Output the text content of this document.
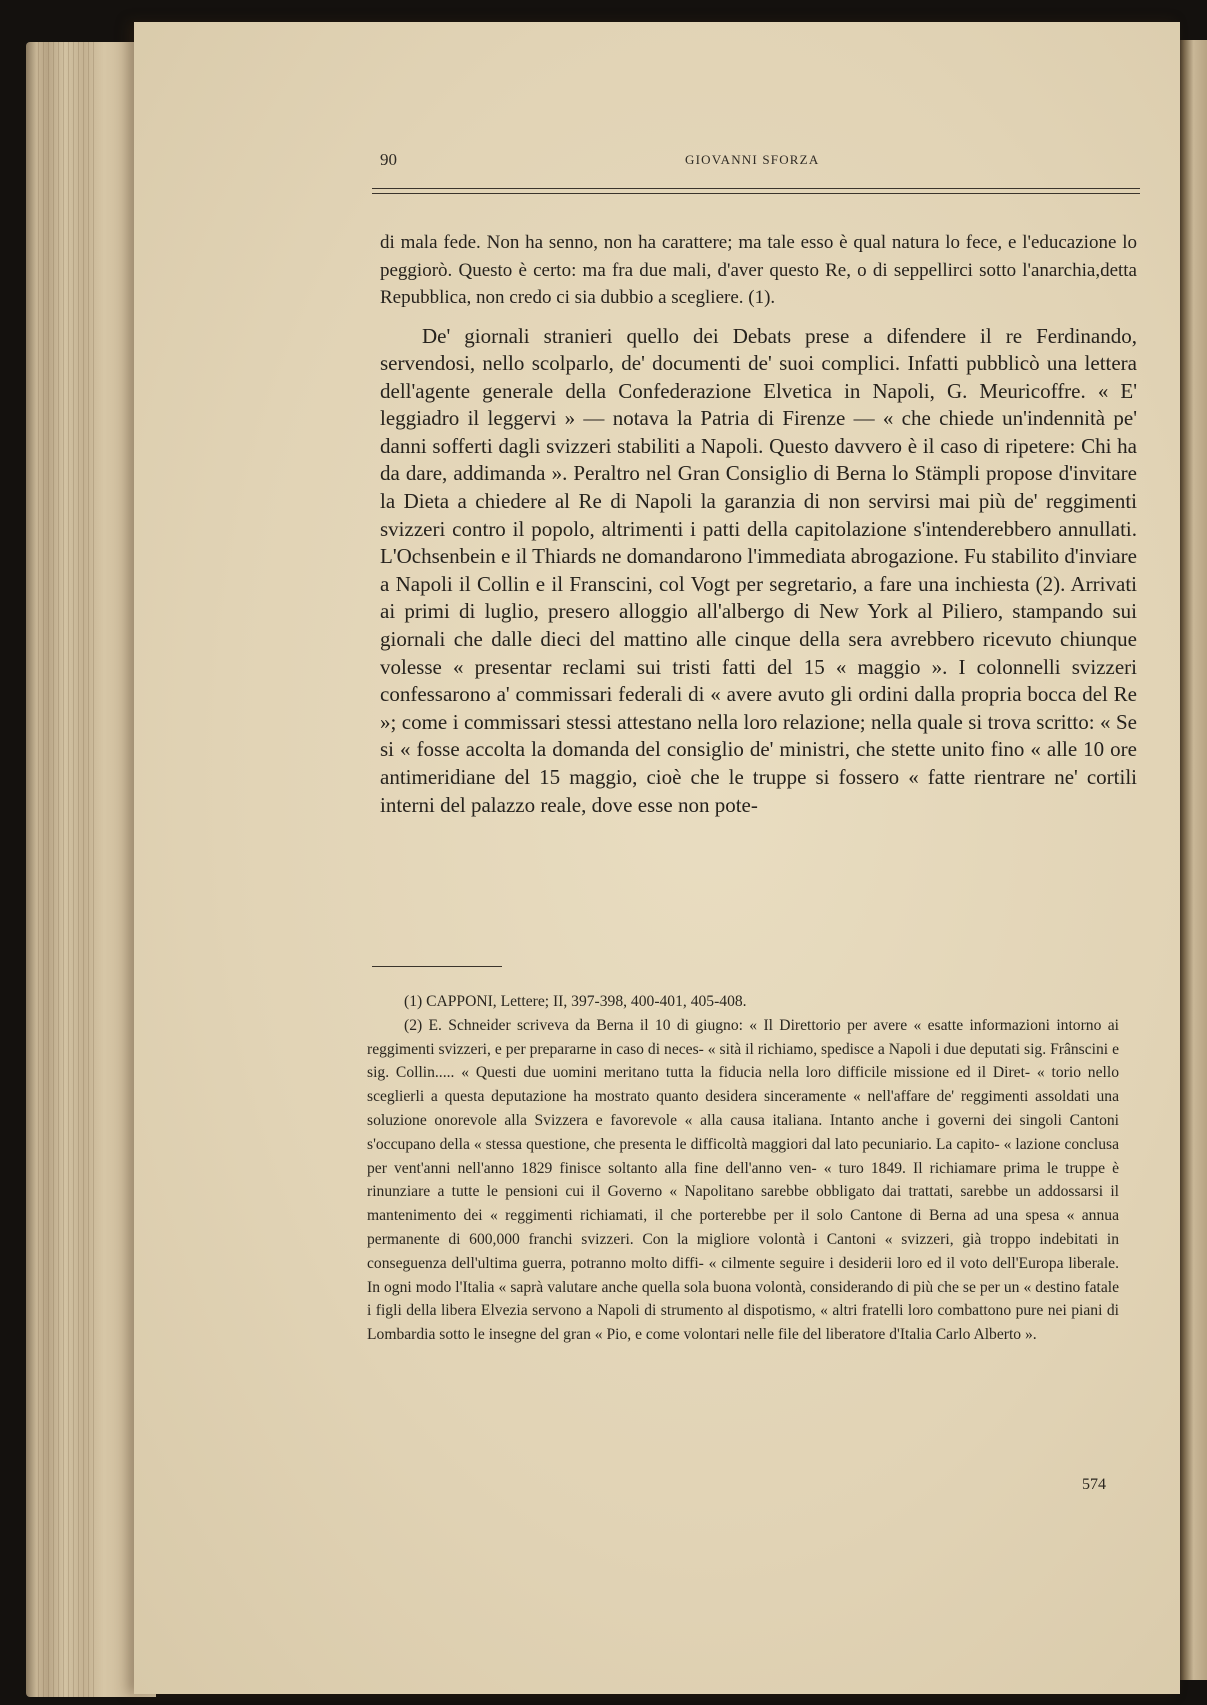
90	GIOVANNI SFORZA

di mala fede. Non ha senno, non ha carattere; ma tale esso è qual natura lo fece, e l'educazione lo peggiorò. Questo è certo: ma fra due mali, d'aver questo Re, o di seppellirci sotto l'anarchia,detta Repubblica, non credo ci sia dubbio a scegliere. (1).

De' giornali stranieri quello dei Debats prese a difendere il re Ferdinando, servendosi, nello scolparlo, de' documenti de' suoi complici. Infatti pubblicò una lettera dell'agente generale della Confederazione Elvetica in Napoli, G. Meuricoffre. « E' leggiadro il leggervi » — notava la Patria di Firenze — « che chiede un'indennità pe' danni sofferti dagli svizzeri stabiliti a Napoli. Questo davvero è il caso di ripetere: Chi ha da dare, addimanda ». Peraltro nel Gran Consiglio di Berna lo Stämpli propose d'invitare la Dieta a chiedere al Re di Napoli la garanzia di non servirsi mai più de' reggimenti svizzeri contro il popolo, altrimenti i patti della capitolazione s'intenderebbero annullati. L'Ochsenbein e il Thiards ne domandarono l'immediata abrogazione. Fu stabilito d'inviare a Napoli il Collin e il Franscini, col Vogt per segretario, a fare una inchiesta (2). Arrivati ai primi di luglio, presero alloggio all'albergo di New York al Piliero, stampando sui giornali che dalle dieci del mattino alle cinque della sera avrebbero ricevuto chiunque volesse « presentar reclami sui tristi fatti del 15 « maggio ». I colonnelli svizzeri confessarono a' commissari federali di « avere avuto gli ordini dalla propria bocca del Re »; come i commissari stessi attestano nella loro relazione; nella quale si trova scritto: « Se si « fosse accolta la domanda del consiglio de' ministri, che stette unito fino « alle 10 ore antimeridiane del 15 maggio, cioè che le truppe si fossero « fatte rientrare ne' cortili interni del palazzo reale, dove esse non pote-

(1) CAPPONI, Lettere; II, 397-398, 400-401, 405-408.

(2) E. Schneider scriveva da Berna il 10 di giugno: « Il Direttorio per avere « esatte informazioni intorno ai reggimenti svizzeri, e per prepararne in caso di neces- « sità il richiamo, spedisce a Napoli i due deputati sig. Frânscini e sig. Collin..... « Questi due uomini meritano tutta la fiducia nella loro difficile missione ed il Diret- « torio nello sceglierli a questa deputazione ha mostrato quanto desidera sinceramente « nell'affare de' reggimenti assoldati una soluzione onorevole alla Svizzera e favorevole « alla causa italiana. Intanto anche i governi dei singoli Cantoni s'occupano della « stessa questione, che presenta le difficoltà maggiori dal lato pecuniario. La capito- « lazione conclusa per vent'anni nell'anno 1829 finisce soltanto alla fine dell'anno ven- « turo 1849. Il richiamare prima le truppe è rinunziare a tutte le pensioni cui il Governo « Napolitano sarebbe obbligato dai trattati, sarebbe un addossarsi il mantenimento dei « reggimenti richiamati, il che porterebbe per il solo Cantone di Berna ad una spesa « annua permanente di 600,000 franchi svizzeri. Con la migliore volontà i Cantoni « svizzeri, già troppo indebitati in conseguenza dell'ultima guerra, potranno molto diffi- « cilmente seguire i desiderii loro ed il voto dell'Europa liberale. In ogni modo l'Italia « saprà valutare anche quella sola buona volontà, considerando di più che se per un « destino fatale i figli della libera Elvezia servono a Napoli di strumento al dispotismo, « altri fratelli loro combattono pure nei piani di Lombardia sotto le insegne del gran « Pio, e come volontari nelle file del liberatore d'Italia Carlo Alberto ».

574
